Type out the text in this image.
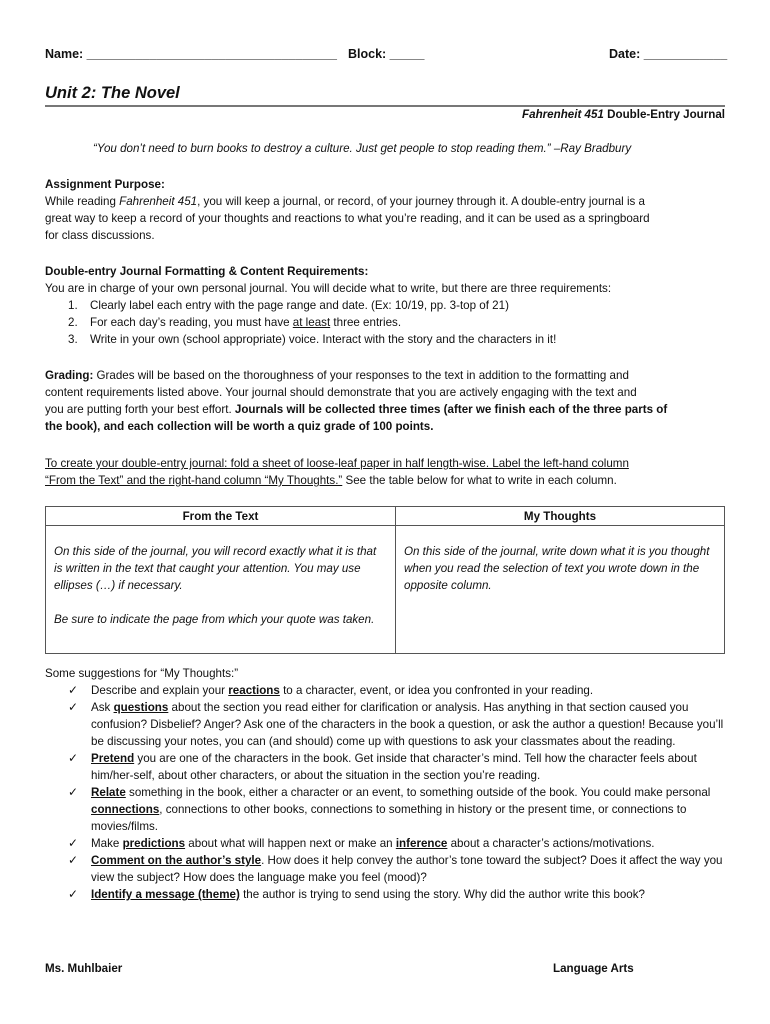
Name: ____________________________________ Block: _____	Date: ____________
Unit 2: The Novel
Fahrenheit 451 Double-Entry Journal
“You don’t need to burn books to destroy a culture. Just get people to stop reading them.” –Ray Bradbury
Assignment Purpose:
While reading Fahrenheit 451, you will keep a journal, or record, of your journey through it. A double-entry journal is a
great way to keep a record of your thoughts and reactions to what you’re reading, and it can be used as a springboard
for class discussions.
Double-entry Journal Formatting & Content Requirements:
You are in charge of your own personal journal. You will decide what to write, but there are three requirements:
1. Clearly label each entry with the page range and date. (Ex: 10/19, pp. 3-top of 21)
2. For each day’s reading, you must have at least three entries.
3. Write in your own (school appropriate) voice. Interact with the story and the characters in it!
Grading: Grades will be based on the thoroughness of your responses to the text in addition to the formatting and
content requirements listed above. Your journal should demonstrate that you are actively engaging with the text and
you are putting forth your best effort. Journals will be collected three times (after we finish each of the three parts of
the book), and each collection will be worth a quiz grade of 100 points.
To create your double-entry journal: fold a sheet of loose-leaf paper in half length-wise. Label the left-hand column
“From the Text” and the right-hand column “My Thoughts.” See the table below for what to write in each column.
From the Text	My Thoughts

On this side of the journal, you will record exactly what it is that is written in the text that caught your attention. You may use ellipses (…) if necessary.

Be sure to indicate the page from which your quote was taken.	On this side of the journal, write down what it is you thought when you read the selection of text you wrote down in the opposite column.

Some suggestions for “My Thoughts:”
✓ Describe and explain your reactions to a character, event, or idea you confronted in your reading.
✓ Ask questions about the section you read either for clarification or analysis. Has anything in that section caused you confusion? Disbelief? Anger? Ask one of the characters in the book a question, or ask the author a question! Because you’ll be discussing your notes, you can (and should) come up with questions to ask your classmates about the reading.
✓ Pretend you are one of the characters in the book. Get inside that character’s mind. Tell how the character feels about him/her-self, about other characters, or about the situation in the section you’re reading.
✓ Relate something in the book, either a character or an event, to something outside of the book. You could make personal connections, connections to other books, connections to something in history or the present time, or connections to movies/films.
✓ Make predictions about what will happen next or make an inference about a character’s actions/motivations.
✓ Comment on the author’s style. How does it help convey the author’s tone toward the subject? Does it affect the way you view the subject? How does the language make you feel (mood)?
✓ Identify a message (theme) the author is trying to send using the story. Why did the author write this book?
Ms. Muhlbaier	Language Arts
